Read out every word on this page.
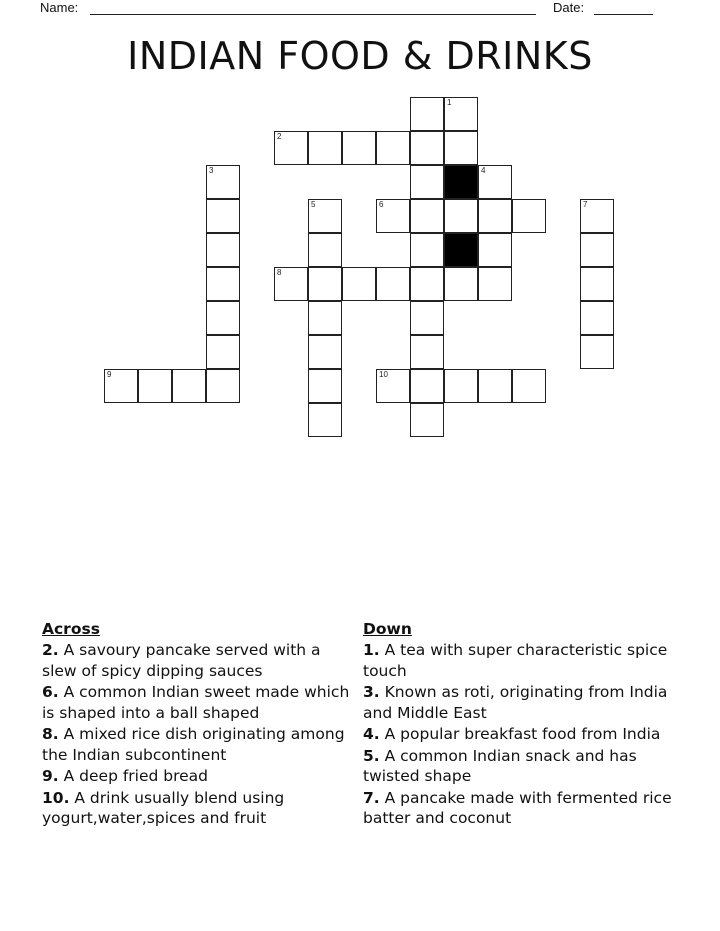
Name:	Date:
INDIAN FOOD & DRINKS
1
2
3	4
5	6	7
8
9	10
Across
2. A savoury pancake served with a slew of spicy dipping sauces
6. A common Indian sweet made which is shaped into a ball shaped
8. A mixed rice dish originating among the Indian subcontinent
9. A deep fried bread
10. A drink usually blend using yogurt,water,spices and fruit
Down
1. A tea with super characteristic spice touch
3. Known as roti, originating from India and Middle East
4. A popular breakfast food from India
5. A common Indian snack and has twisted shape
7. A pancake made with fermented rice batter and coconut
